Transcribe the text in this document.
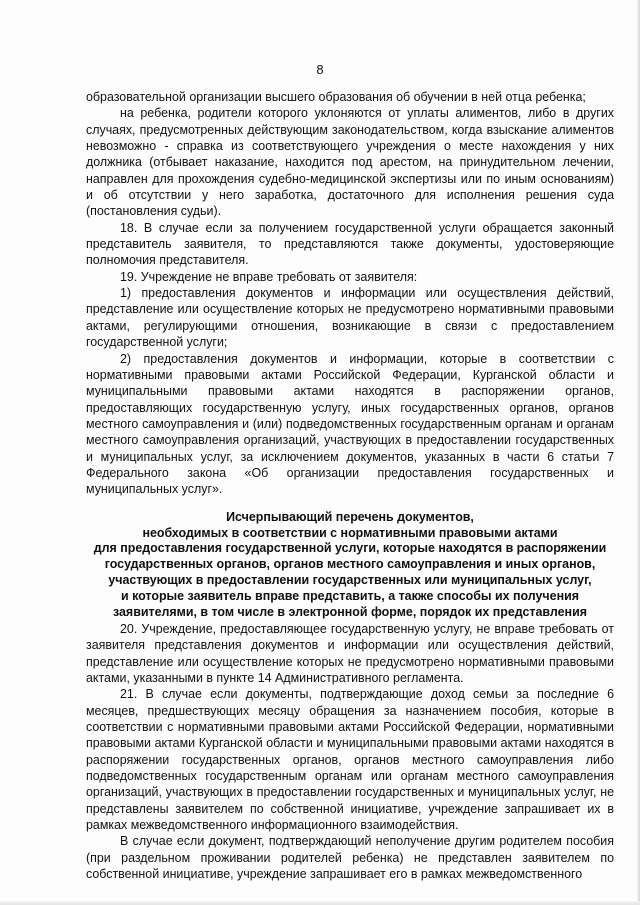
8

образовательной организации высшего образования об обучении в ней отца ребенка;

на ребенка, родители которого уклоняются от уплаты алиментов, либо в других случаях, предусмотренных действующим законодательством, когда взыскание алиментов невозможно - справка из соответствующего учреждения о месте нахождения у них должника (отбывает наказание, находится под арестом, на принудительном лечении, направлен для прохождения судебно-медицинской экспертизы или по иным основаниям) и об отсутствии у него заработка, достаточного для исполнения решения суда (постановления судьи).

18. В случае если за получением государственной услуги обращается законный представитель заявителя, то представляются также документы, удостоверяющие полномочия представителя.

19. Учреждение не вправе требовать от заявителя:

1) предоставления документов и информации или осуществления действий, представление или осуществление которых не предусмотрено нормативными правовыми актами, регулирующими отношения, возникающие в связи с предоставлением государственной услуги;

2) предоставления документов и информации, которые в соответствии с нормативными правовыми актами Российской Федерации, Курганской области и муниципальными правовыми актами находятся в распоряжении органов, предоставляющих государственную услугу, иных государственных органов, органов местного самоуправления и (или) подведомственных государственным органам и органам местного самоуправления организаций, участвующих в предоставлении государственных и муниципальных услуг, за исключением документов, указанных в части 6 статьи 7 Федерального закона «Об организации предоставления государственных и муниципальных услуг».

Исчерпывающий перечень документов,
необходимых в соответствии с нормативными правовыми актами
для предоставления государственной услуги, которые находятся в распоряжении
государственных органов, органов местного самоуправления и иных органов,
участвующих в предоставлении государственных или муниципальных услуг,
и которые заявитель вправе представить, а также способы их получения
заявителями, в том числе в электронной форме, порядок их представления

20. Учреждение, предоставляющее государственную услугу, не вправе требовать от заявителя представления документов и информации или осуществления действий, представление или осуществление которых не предусмотрено нормативными правовыми актами, указанными в пункте 14 Административного регламента.

21. В случае если документы, подтверждающие доход семьи за последние 6 месяцев, предшествующих месяцу обращения за назначением пособия, которые в соответствии с нормативными правовыми актами Российской Федерации, нормативными правовыми актами Курганской области и муниципальными правовыми актами находятся в распоряжении государственных органов, органов местного самоуправления либо подведомственных государственным органам или органам местного самоуправления организаций, участвующих в предоставлении государственных и муниципальных услуг, не представлены заявителем по собственной инициативе, учреждение запрашивает их в рамках межведомственного информационного взаимодействия.

В случае если документ, подтверждающий неполучение другим родителем пособия (при раздельном проживании родителей ребенка) не представлен заявителем по собственной инициативе, учреждение запрашивает его в рамках межведомственного
